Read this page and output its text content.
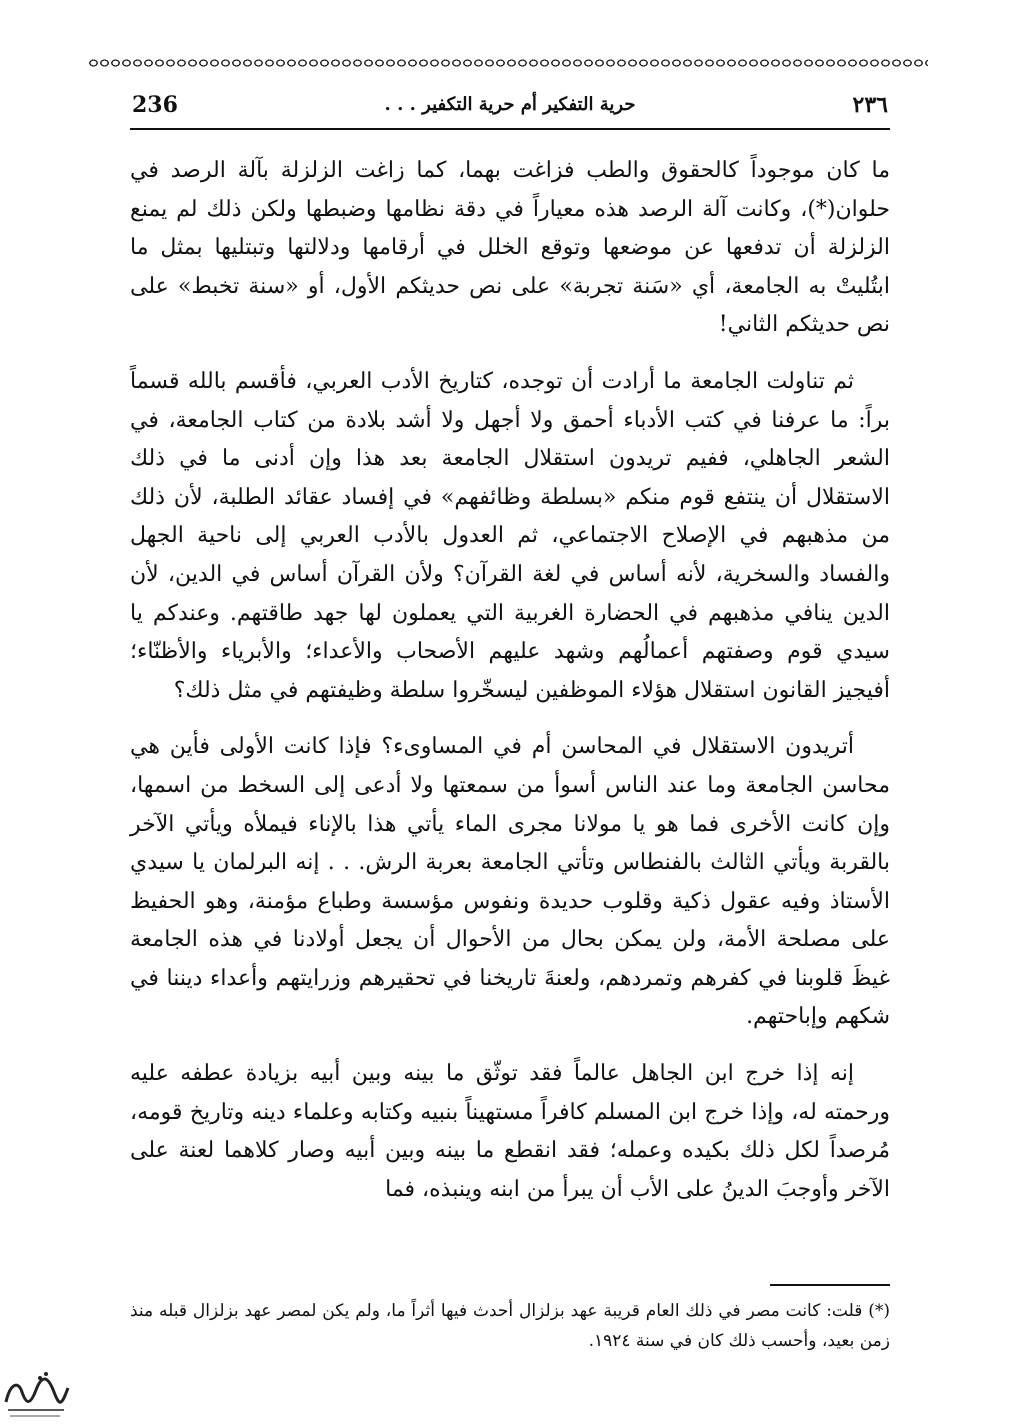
236	حرية التفكير أم حرية التكفير . . .	٢٣٦

ما كان موجوداً كالحقوق والطب فزاغت بهما، كما زاغت الزلزلة بآلة الرصد في حلوان(*)، وكانت آلة الرصد هذه معياراً في دقة نظامها وضبطها ولكن ذلك لم يمنع الزلزلة أن تدفعها عن موضعها وتوقع الخلل في أرقامها ودلالتها وتبتليها بمثل ما ابتُليتْ به الجامعة، أي «سَنة تجربة» على نص حديثكم الأول، أو «سنة تخبط» على نص حديثكم الثاني!

ثم تناولت الجامعة ما أرادت أن توجده، كتاريخ الأدب العربي، فأقسم بالله قسماً براً: ما عرفنا في كتب الأدباء أحمق ولا أجهل ولا أشد بلادة من كتاب الجامعة، في الشعر الجاهلي، ففيم تريدون استقلال الجامعة بعد هذا وإن أدنى ما في ذلك الاستقلال أن ينتفع قوم منكم «بسلطة وظائفهم» في إفساد عقائد الطلبة، لأن ذلك من مذهبهم في الإصلاح الاجتماعي، ثم العدول بالأدب العربي إلى ناحية الجهل والفساد والسخرية، لأنه أساس في لغة القرآن؟ ولأن القرآن أساس في الدين، لأن الدين ينافي مذهبهم في الحضارة الغربية التي يعملون لها جهد طاقتهم. وعندكم يا سيدي قوم وصفتهم أعمالُهم وشهد عليهم الأصحاب والأعداء؛ والأبرياء والأظنّاء؛ أفيجيز القانون استقلال هؤلاء الموظفين ليسخّروا سلطة وظيفتهم في مثل ذلك؟

أتريدون الاستقلال في المحاسن أم في المساوىء؟ فإذا كانت الأولى فأين هي محاسن الجامعة وما عند الناس أسوأ من سمعتها ولا أدعى إلى السخط من اسمها، وإن كانت الأخرى فما هو يا مولانا مجرى الماء يأتي هذا بالإناء فيملأه ويأتي الآخر بالقربة ويأتي الثالث بالفنطاس وتأتي الجامعة بعربة الرش. . . إنه البرلمان يا سيدي الأستاذ وفيه عقول ذكية وقلوب حديدة ونفوس مؤسسة وطباع مؤمنة، وهو الحفيظ على مصلحة الأمة، ولن يمكن بحال من الأحوال أن يجعل أولادنا في هذه الجامعة غيظَ قلوبنا في كفرهم وتمردهم، ولعنةَ تاريخنا في تحقيرهم وزرايتهم وأعداء ديننا في شكهم وإباحتهم.

إنه إذا خرج ابن الجاهل عالماً فقد توثّق ما بينه وبين أبيه بزيادة عطفه عليه ورحمته له، وإذا خرج ابن المسلم كافراً مستهيناً بنبيه وكتابه وعلماء دينه وتاريخ قومه، مُرصداً لكل ذلك بكيده وعمله؛ فقد انقطع ما بينه وبين أبيه وصار كلاهما لعنة على الآخر وأوجبَ الدينُ على الأب أن يبرأ من ابنه وينبذه، فما

(*) قلت: كانت مصر في ذلك العام قريبة عهد بزلزال أحدث فيها أثراً ما، ولم يكن لمصر عهد بزلزال قبله منذ زمن بعيد، وأحسب ذلك كان في سنة ١٩٢٤.
